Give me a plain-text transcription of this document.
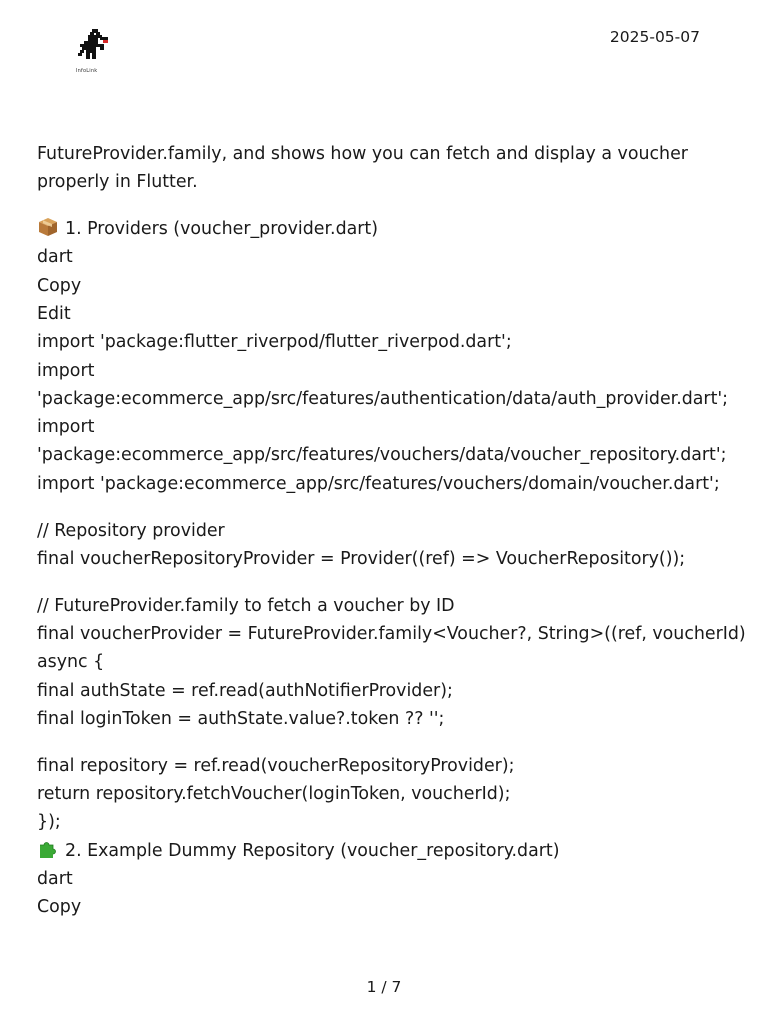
InfoLink
2025-05-07

FutureProvider.family, and shows how you can fetch and display a voucher

properly in Flutter.

1. Providers (voucher_provider.dart)

dart

Copy

Edit

import 'package:flutter_riverpod/flutter_riverpod.dart';

import

'package:ecommerce_app/src/features/authentication/data/auth_provider.dart';

import

'package:ecommerce_app/src/features/vouchers/data/voucher_repository.dart';

import 'package:ecommerce_app/src/features/vouchers/domain/voucher.dart';

// Repository provider

final voucherRepositoryProvider = Provider((ref) => VoucherRepository());

// FutureProvider.family to fetch a voucher by ID

final voucherProvider = FutureProvider.family<Voucher?, String>((ref, voucherId)

async {

final authState = ref.read(authNotifierProvider);

final loginToken = authState.value?.token ?? '';

final repository = ref.read(voucherRepositoryProvider);

return repository.fetchVoucher(loginToken, voucherId);

});

2. Example Dummy Repository (voucher_repository.dart)

dart

Copy

1 / 7
